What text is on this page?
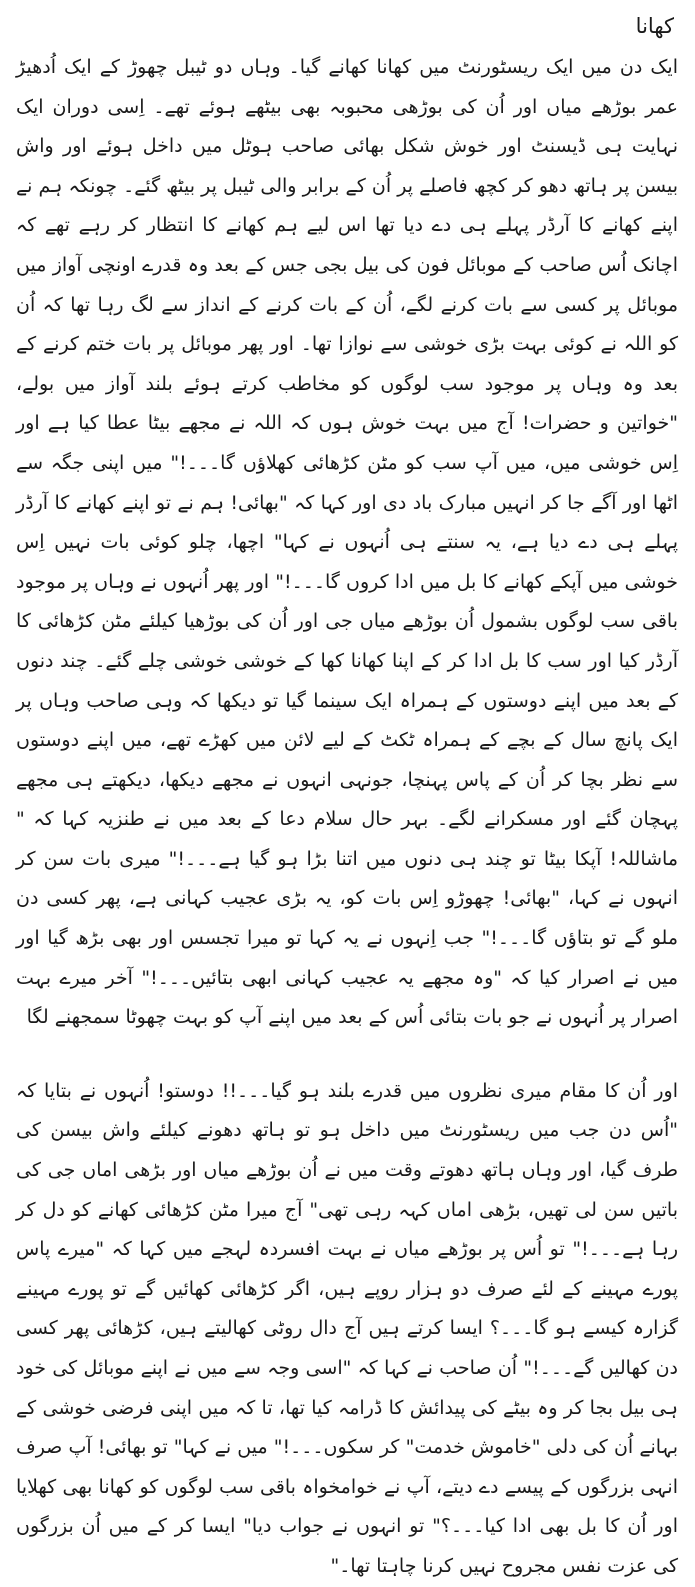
کھانا

ایک دن میں ایک ریسٹورنٹ میں کھانا کھانے گیا۔ وہاں دو ٹیبل چھوڑ کے ایک اُدھیڑ عمر بوڑھے میاں اور اُن کی بوڑھی محبوبہ بھی بیٹھے ہوئے تھے۔ اِسی دوران ایک نہایت ہی ڈیسنٹ اور خوش شکل بھائی صاحب ہوٹل میں داخل ہوئے اور واش بیسن پر ہاتھ دھو کر کچھ فاصلے پر اُن کے برابر والی ٹیبل پر بیٹھ گئے۔ چونکہ ہم نے اپنے کھانے کا آرڈر پہلے ہی دے دیا تھا اس لیے ہم کھانے کا انتظار کر رہے تھے کہ اچانک اُس صاحب کے موبائل فون کی بیل بجی جس کے بعد وہ قدرے اونچی آواز میں موبائل پر کسی سے بات کرنے لگے، اُن کے بات کرنے کے انداز سے لگ رہا تھا کہ اُن کو اللہ نے کوئی بہت بڑی خوشی سے نوازا تھا۔ اور پھر موبائل پر بات ختم کرنے کے بعد وہ وہاں پر موجود سب لوگوں کو مخاطب کرتے ہوئے بلند آواز میں بولے، "خواتین و حضرات! آج میں بہت خوش ہوں کہ اللہ نے مجھے بیٹا عطا کیا ہے اور اِس خوشی میں، میں آپ سب کو مٹن کڑھائی کھلاؤں گا۔۔۔!" میں اپنی جگہ سے اٹھا اور آگے جا کر انہیں مبارک باد دی اور کہا کہ "بھائی! ہم نے تو اپنے کھانے کا آرڈر پہلے ہی دے دیا ہے، یہ سنتے ہی اُنہوں نے کہا" اچھا، چلو کوئی بات نہیں اِس خوشی میں آپکے کھانے کا بل میں ادا کروں گا۔۔۔!" اور پھر اُنہوں نے وہاں پر موجود باقی سب لوگوں بشمول اُن بوڑھے میاں جی اور اُن کی بوڑھیا کیلئے مٹن کڑھائی کا آرڈر کیا اور سب کا بل ادا کر کے اپنا کھانا کھا کے خوشی خوشی چلے گئے۔ چند دنوں کے بعد میں اپنے دوستوں کے ہمراہ ایک سینما گیا تو دیکھا کہ وہی صاحب وہاں پر ایک پانچ سال کے بچے کے ہمراہ ٹکٹ کے لیے لائن میں کھڑے تھے، میں اپنے دوستوں سے نظر بچا کر اُن کے پاس پہنچا، جونہی انہوں نے مجھے دیکھا، دیکھتے ہی مجھے پہچان گئے اور مسکرانے لگے۔ بہر حال سلام دعا کے بعد میں نے طنزیہ کہا کہ " ماشاللہ! آپکا بیٹا تو چند ہی دنوں میں اتنا بڑا ہو گیا ہے۔۔۔!" میری بات سن کر انہوں نے کہا، "بھائی! چھوڑو اِس بات کو، یہ بڑی عجیب کہانی ہے، پھر کسی دن ملو گے تو بتاؤں گا۔۔۔!" جب اِنہوں نے یہ کہا تو میرا تجسس اور بھی بڑھ گیا اور میں نے اصرار کیا کہ "وہ مجھے یہ عجیب کہانی ابھی بتائیں۔۔۔!" آخر میرے بہت اصرار پر اُنہوں نے جو بات بتائی اُس کے بعد میں اپنے آپ کو بہت چھوٹا سمجھنے لگا

اور اُن کا مقام میری نظروں میں قدرے بلند ہو گیا۔۔۔!! دوستو! اُنہوں نے بتایا کہ "اُس دن جب میں ریسٹورنٹ میں داخل ہو تو ہاتھ دھونے کیلئے واش بیسن کی طرف گیا، اور وہاں ہاتھ دھوتے وقت میں نے اُن بوڑھے میاں اور بڑھی اماں جی کی باتیں سن لی تھیں، بڑھی اماں کہہ رہی تھی" آج میرا مٹن کڑھائی کھانے کو دل کر رہا ہے۔۔۔!" تو اُس پر بوڑھے میاں نے بہت افسردہ لہجے میں کہا کہ "میرے پاس پورے مہینے کے لئے صرف دو ہزار روپے ہیں، اگر کڑھائی کھائیں گے تو پورے مہینے گزارہ کیسے ہو گا۔۔۔؟ ایسا کرتے ہیں آج دال روٹی کھالیتے ہیں، کڑھائی پھر کسی دن کھالیں گے۔۔۔!" اُن صاحب نے کہا کہ "اسی وجہ سے میں نے اپنے موبائل کی خود ہی بیل بجا کر وہ بیٹے کی پیدائش کا ڈرامہ کیا تھا، تا کہ میں اپنی فرضی خوشی کے بہانے اُن کی دلی "خاموش خدمت" کر سکوں۔۔۔!" میں نے کہا" تو بھائی! آپ صرف انہی بزرگوں کے پیسے دے دیتے، آپ نے خوامخواہ باقی سب لوگوں کو کھانا بھی کھلایا اور اُن کا بل بھی ادا کیا۔۔۔؟" تو انہوں نے جواب دیا" ایسا کر کے میں اُن بزرگوں کی عزت نفس مجروح نہیں کرنا چاہتا تھا۔"
